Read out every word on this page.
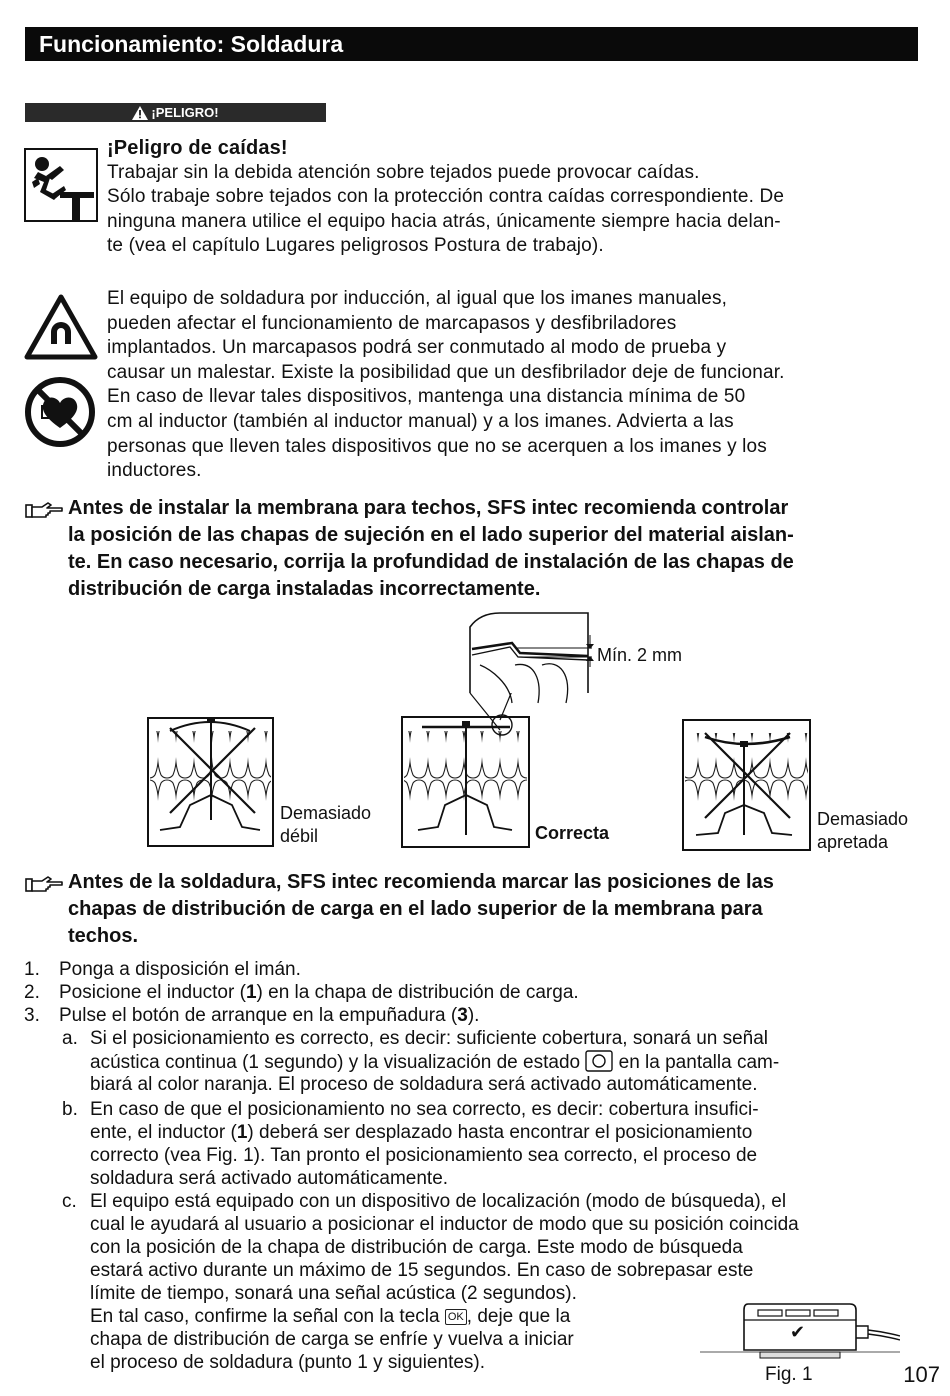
Funcionamiento: Soldadura
¡PELIGRO!
¡Peligro de caídas!
Trabajar sin la debida atención sobre tejados puede provocar caídas.
Sólo trabaje sobre tejados con la protección contra caídas correspondiente. De
ninguna manera utilice el equipo hacia atrás, únicamente siempre hacia delan-
te (vea el capítulo Lugares peligrosos Postura de trabajo).
El equipo de soldadura por inducción, al igual que los imanes manuales,
pueden afectar el funcionamiento de marcapasos y desfibriladores
implantados. Un marcapasos podrá ser conmutado al modo de prueba y
causar un malestar. Existe la posibilidad que un desfibrilador deje de funcionar.
En caso de llevar tales dispositivos, mantenga una distancia mínima de 50
cm al inductor (también al inductor manual) y a los imanes. Advierta a las
personas que lleven tales dispositivos que no se acerquen a los imanes y los
inductores.
Antes de instalar la membrana para techos, SFS intec recomienda controlar
la posición de las chapas de sujeción en el lado superior del material aislan-
te. En caso necesario, corrija la profundidad de instalación de las chapas de
distribución de carga instaladas incorrectamente.
Mín. 2 mm
Demasiado
débil	Correcta
Demasiado
apretada
Antes de la soldadura, SFS intec recomienda marcar las posiciones de las
chapas de distribución de carga en el lado superior de la membrana para
techos.
1. Ponga a disposición el imán.
2. Posicione el inductor (1) en la chapa de distribución de carga.
3. Pulse el botón de arranque en la empuñadura (3).
a. Si el posicionamiento es correcto, es decir: suficiente cobertura, sonará un señal
acústica continua (1 segundo) y la visualización de estado en la pantalla cam-
biará al color naranja. El proceso de soldadura será activado automáticamente.
b. En caso de que el posicionamiento no sea correcto, es decir: cobertura insufici-
ente, el inductor (1) deberá ser desplazado hasta encontrar el posicionamiento
correcto (vea Fig. 1). Tan pronto el posicionamiento sea correcto, el proceso de
soldadura será activado automáticamente.
c. El equipo está equipado con un dispositivo de localización (modo de búsqueda), el
cual le ayudará al usuario a posicionar el inductor de modo que su posición coincida
con la posición de la chapa de distribución de carga. Este modo de búsqueda
estará activo durante un máximo de 15 segundos. En caso de sobrepasar este
límite de tiempo, sonará una señal acústica (2 segundos).
En tal caso, confirme la señal con la tecla OK , deje que la
chapa de distribución de carga se enfríe y vuelva a iniciar
el proceso de soldadura (punto 1 y siguientes).
✔
Fig. 1	107
